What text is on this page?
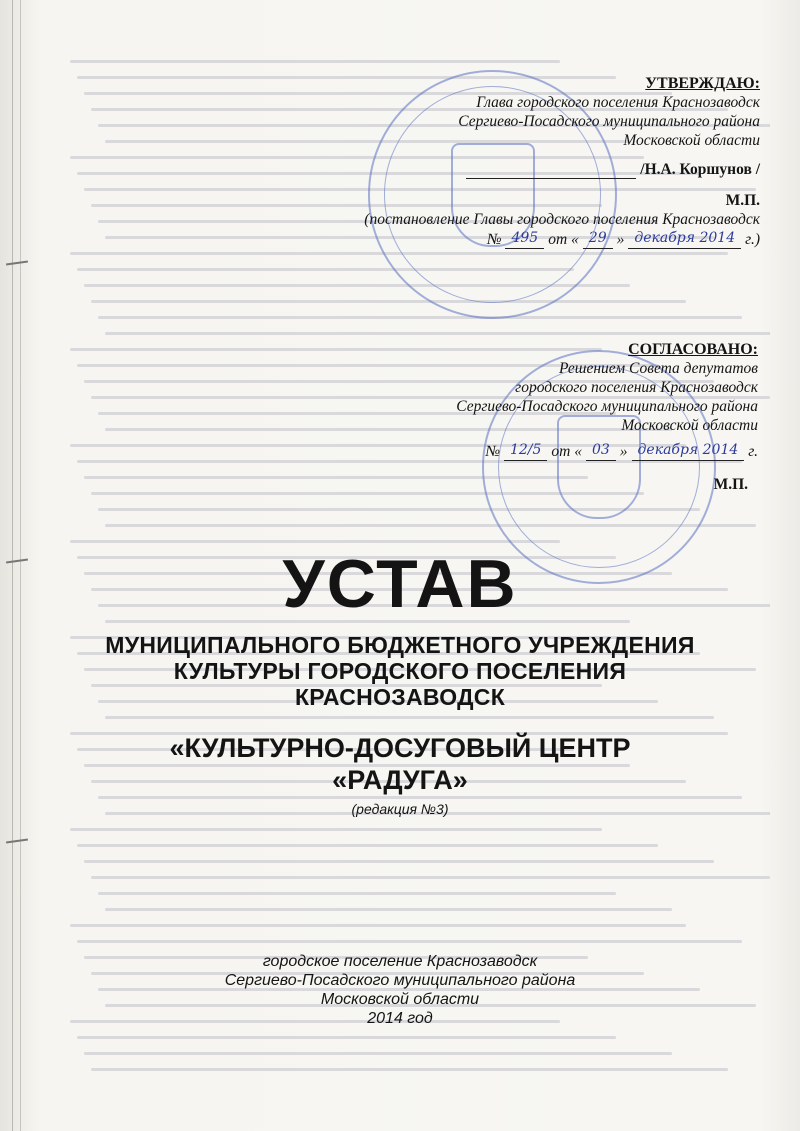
УТВЕРЖДАЮ:
Глава городского поселения Краснозаводск
Сергиево-Посадского муниципального района
Московской области
/Н.А. Коршунов /
М.П.
(постановление Главы городского поселения Краснозаводск
№ 495 от « 29 » декабря 2014 г.)
СОГЛАСОВАНО:
Решением Совета депутатов
городского поселения Краснозаводск
Сергиево-Посадского муниципального района
Московской области
№ 12/5 от « 03 » декабря 2014 г.
М.П.
УСТАВ
МУНИЦИПАЛЬНОГО БЮДЖЕТНОГО УЧРЕЖДЕНИЯ
КУЛЬТУРЫ ГОРОДСКОГО ПОСЕЛЕНИЯ
КРАСНОЗАВОДСК
«КУЛЬТУРНО-ДОСУГОВЫЙ ЦЕНТР
«РАДУГА»
(редакция №3)
городское поселение Краснозаводск
Сергиево-Посадского муниципального района
Московской области
2014 год
